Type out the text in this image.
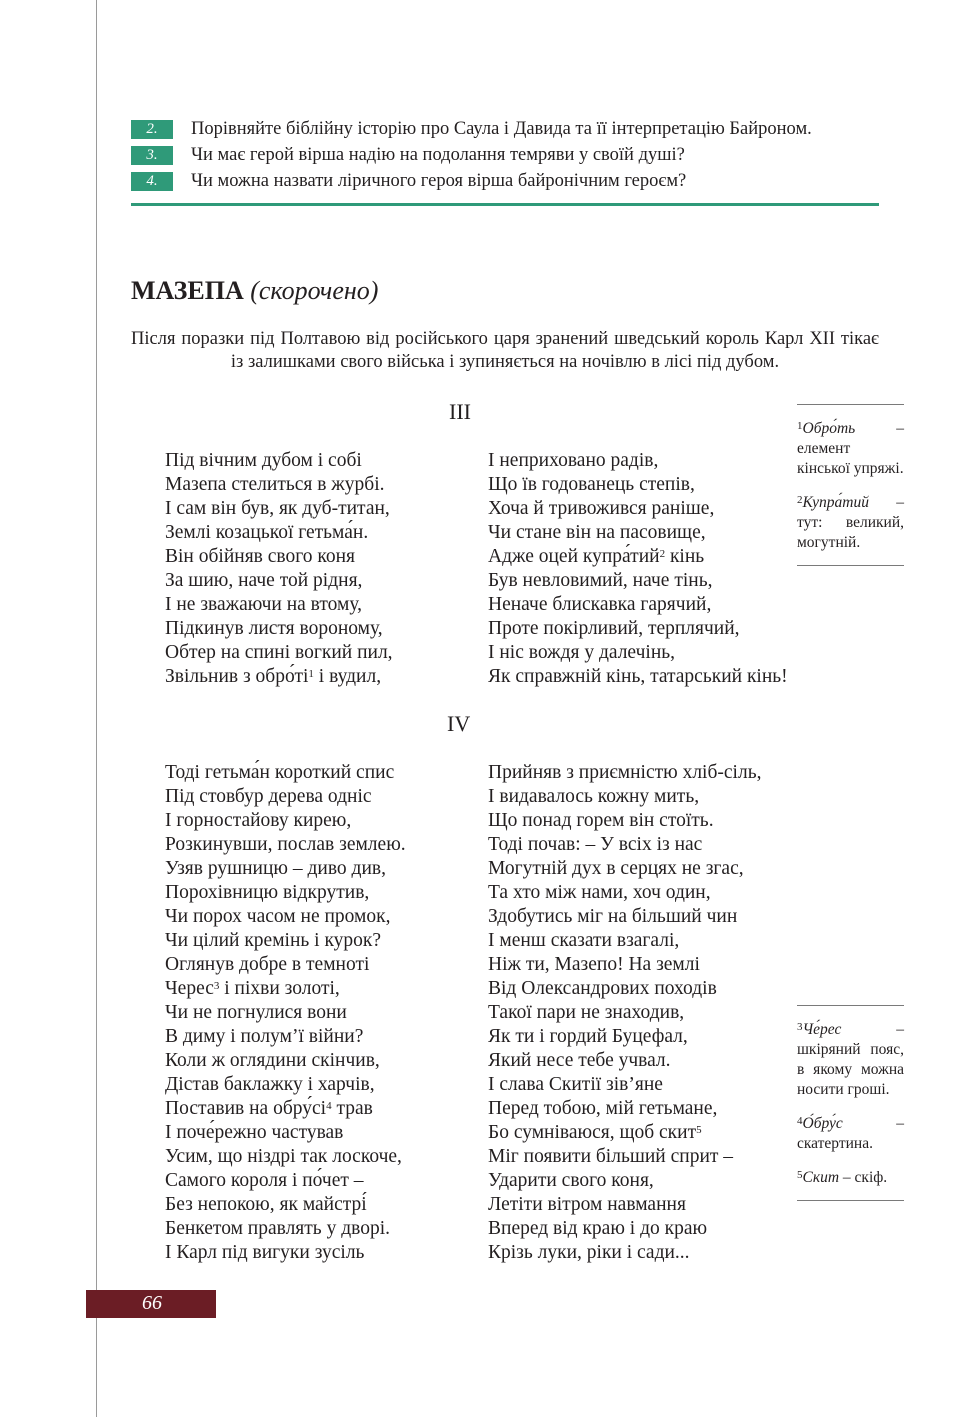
2.	Порівняйте біблійну історію про Саула і Давида та її інтерпретацію Байроном.
3.	Чи має герой вірша надію на подолання темряви у своїй душі?
4.	Чи можна назвати ліричного героя вірша байронічним героєм?
МАЗЕПА (скорочено)
Після поразки під Полтавою від російського царя зранений шведський король Карл ХІІ тікає із залишками свого війська і зупиняється на ночівлю в лісі під дубом.
ІІІ
Під вічним дубом і собі
Мазепа стелиться в журбі.
І сам він був, як дуб-титан,
Землі козацької гетьма́н.
Він обійняв свого коня
За шию, наче той рідня,
І не зважаючи на втому,
Підкинув листя вороному,
Обтер на спині вогкий пил,
Звільнив з $обро́ті^1$ і вудил,
І неприховано радів,
Що їв годованець степів,
Хоча й тривожився раніше,
Чи стане він на пасовище,
Адже оцей купра́тий$^2$ кінь
Був невловимий, наче тінь,
Неначе блискавка гарячий,
Проте покірливий, терплячий,
І ніс вождя у далечінь,
Як справжній кінь, татарський кінь!
IV
Тоді гетьма́н короткий спис
Під стовбур дерева одніс
І горностайову кирею,
Розкинувши, послав землею.
Узяв рушницю – диво див,
Порохівницю відкрутив,
Чи порох часом не промок,
Чи цілий кремінь і курок?
Оглянув добре в темноті
Черес$^3$ і піхви золоті,
Чи не погнулися вони
В диму і полум’ї війни?
Коли ж оглядини скінчив,
Дістав баклажку і харчів,
Поставив на $обру́сі^4$ трав
І поче́режно частував
Усим, що ніздрі так лоскоче,
Самого короля і по́чет –
Без непокою, як майстрі́
Бенкетом правлять у дворі.
І Карл під вигуки зусіль
Прийняв з приємністю хліб-сіль,
І видавалось кожну мить,
Що понад горем він стоїть.
Тоді почав: – У всіх із нас
Могутній дух в серцях не згас,
Та хто між нами, хоч один,
Здобутись міг на більший чин
І менш сказати взагалі,
Ніж ти, Мазепо! На землі
Від Олександрових походів
Такої пари не знаходив,
Як ти і гордий Буцефал,
Який несе тебе учвал.
І слава Скитії зів’яне
Перед тобою, мій гетьмане,
Бо сумніваюся, щоб скит$^5$
Міг появити більший сприт –
Ударити свого коня,
Летіти вітром навмання
Вперед від краю і до краю
Крізь луки, ріки і сади...
$^1$Обро́ть – елемент кінської упряжі.
$^2$Купра́тий – тут: великий, могутній.
$^3$Че́рес – шкіряний пояс, в якому можна носити гроші.
$^4$О́бру́с – скатертина.
$^5$Скит – скіф.
66
